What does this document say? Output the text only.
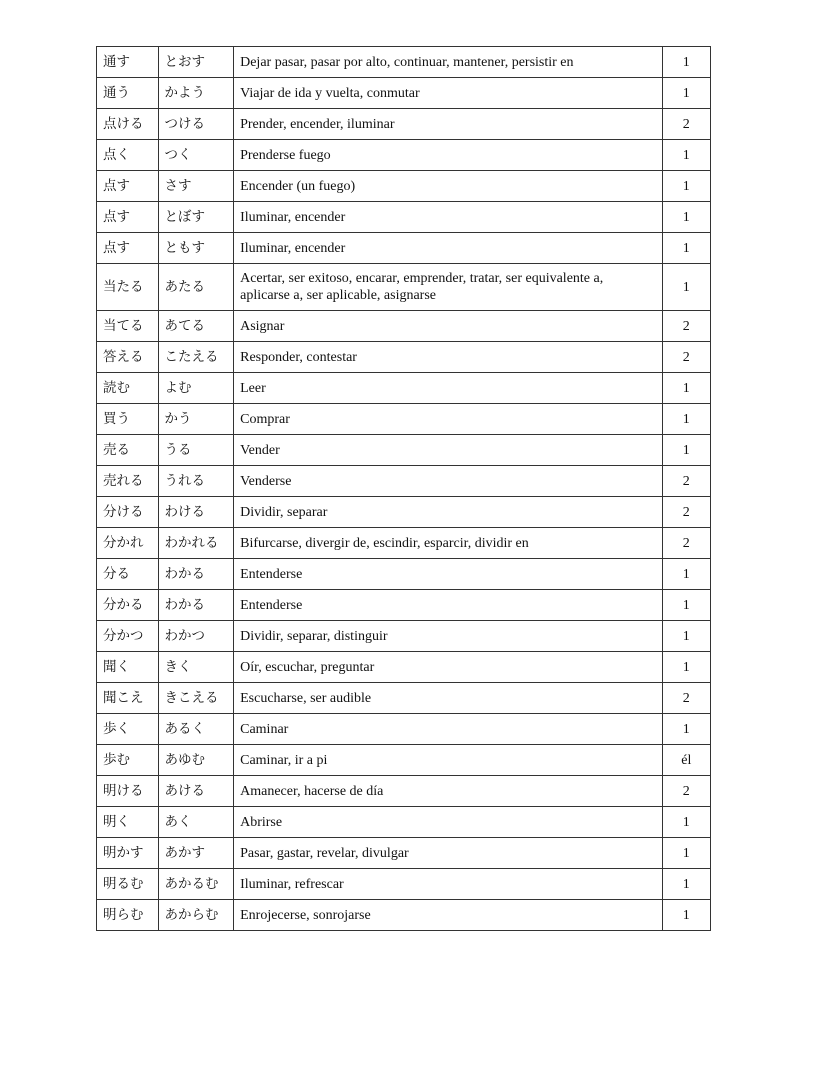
通す	とおす	Dejar pasar, pasar por alto, continuar, mantener, persistir en	1
通う	かよう	Viajar de ida y vuelta, conmutar	1
点ける	つける	Prender, encender, iluminar	2
点く	つく	Prenderse fuego	1
点す	さす	Encender (un fuego)	1
点す	とぼす	Iluminar, encender	1
点す	ともす	Iluminar, encender	1
当たる	あたる	Acertar, ser exitoso, encarar, emprender, tratar, ser equivalente a, aplicarse a, ser aplicable, asignarse	1
当てる	あてる	Asignar	2
答える	こたえる	Responder, contestar	2
読む	よむ	Leer	1
買う	かう	Comprar	1
売る	うる	Vender	1
売れる	うれる	Venderse	2
分ける	わける	Dividir, separar	2
分かれ	わかれる	Bifurcarse, divergir de, escindir, esparcir, dividir en	2
分る	わかる	Entenderse	1
分かる	わかる	Entenderse	1
分かつ	わかつ	Dividir, separar, distinguir	1
聞く	きく	Oír, escuchar, preguntar	1
聞こえ	きこえる	Escucharse, ser audible	2
歩く	あるく	Caminar	1
歩む	あゆむ	Caminar, ir a pi	él
明ける	あける	Amanecer, hacerse de día	2
明く	あく	Abrirse	1
明かす	あかす	Pasar, gastar, revelar, divulgar	1
明るむ	あかるむ	Iluminar, refrescar	1
明らむ	あからむ	Enrojecerse, sonrojarse	1
